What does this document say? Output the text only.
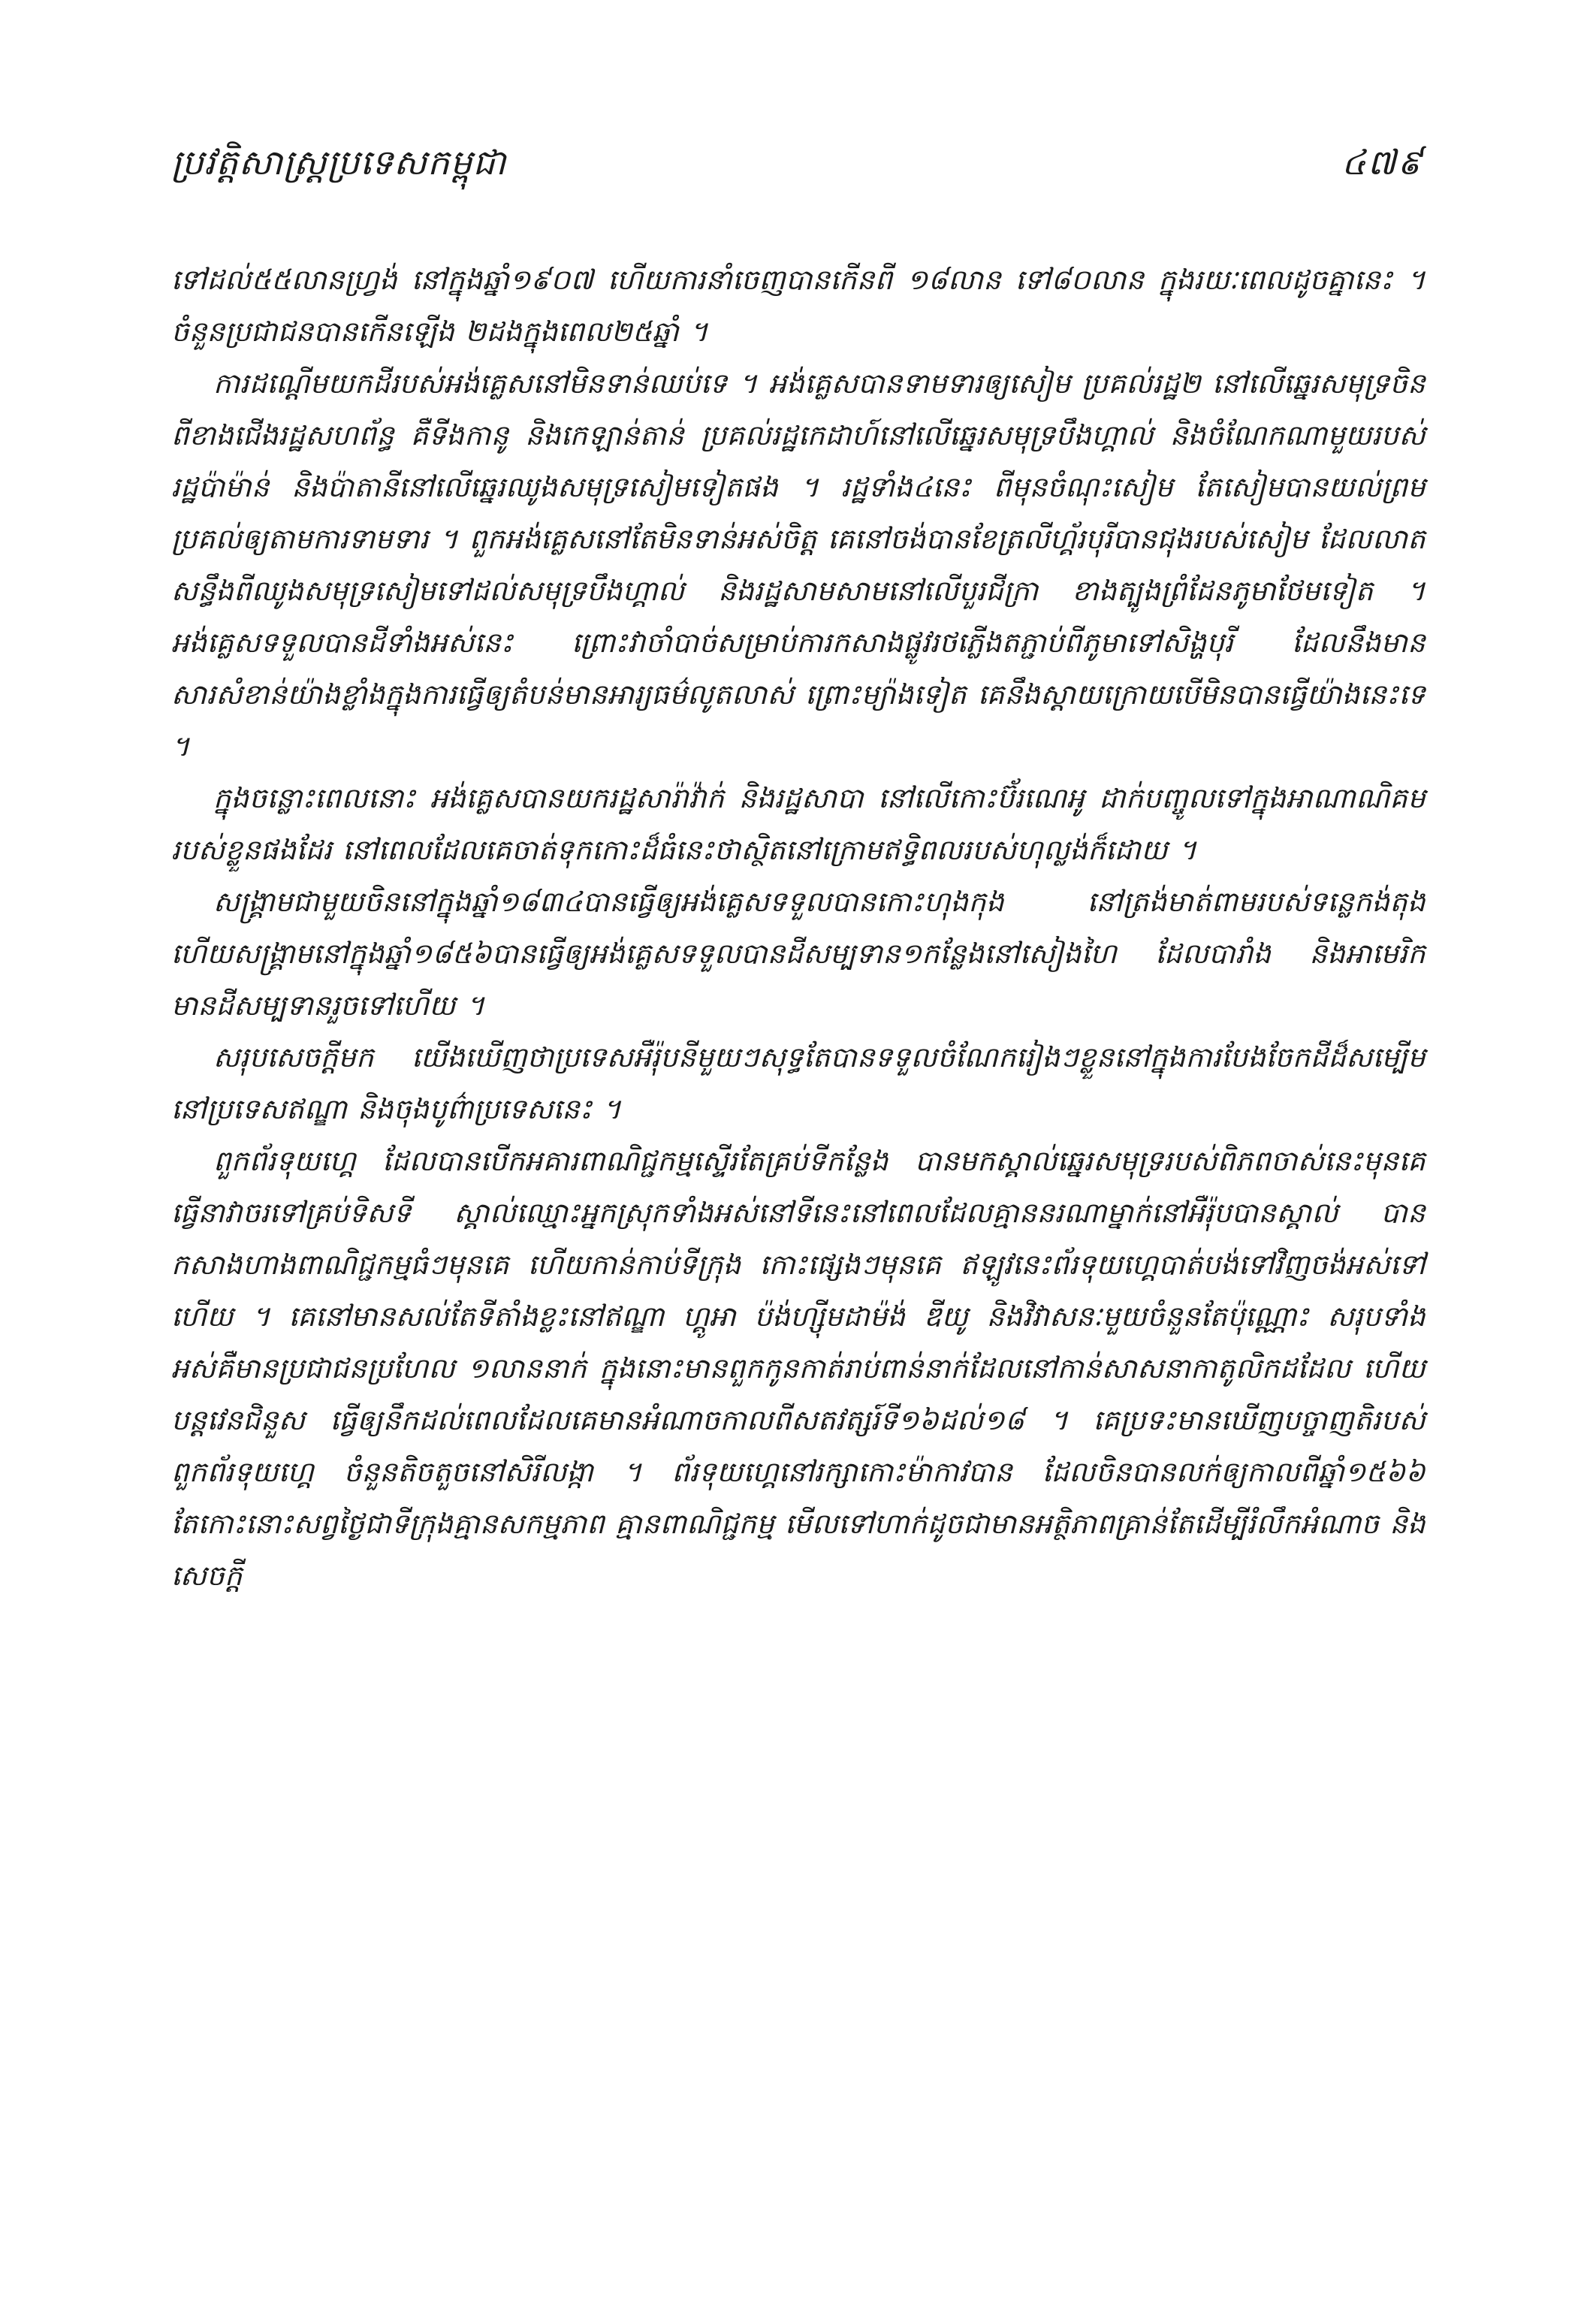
ប្រវត្តិសាស្ត្រប្រទេសកម្ពុជា	៤៧៩

ទៅដល់៥៥លានហ្វ្រង់ នៅក្នុងឆ្នាំ១៩០៧ ហើយការនាំចេញបានកើនពី ១៨លាន ទៅ៨០លាន ក្នុងរយៈពេលដូចគ្នានេះ ។ ចំនួនប្រជាជនបានកើនឡើង ២ដងក្នុងពេល២៥ឆ្នាំ ។

ការដណ្តើមយកដីរបស់អង់គ្លេសនៅមិនទាន់ឈប់ទេ ។ អង់គ្លេសបានទាមទារឲ្យសៀម ប្រគល់រដ្ឋ២ នៅលើឆ្នេរសមុទ្រចិន ពីខាងជើងរដ្ឋសហព័ន្ធ គឺទីងកានូ និងកេឡាន់តាន់ ប្រគល់រដ្ឋកេដាហ៍នៅលើឆ្នេរសមុទ្របឹងហ្គាល់ និងចំណែកណាមួយរបស់រដ្ឋប៉ាម៉ាន់ និងប៉ាតានីនៅលើឆ្នេរឈូងសមុទ្រសៀមទៀតផង ។ រដ្ឋទាំង៤នេះ ពីមុនចំណុះសៀម តែសៀមបានយល់ព្រមប្រគល់ឲ្យតាមការទាមទារ ។ ពួកអង់គ្លេសនៅតែមិនទាន់អស់ចិត្ត គេនៅចង់បានខែត្រលីហ្គ័របុរីបានជុងរបស់សៀម ដែលលាតសន្ធឹងពីឈូងសមុទ្រសៀមទៅដល់សមុទ្របឹងហ្គាល់ និងរដ្ឋសាមសាមនៅលើបួរជីក្រា ខាងត្បូងព្រំដែនភូមាថែមទៀត ។ អង់គ្លេសទទួលបានដីទាំងអស់នេះ ព្រោះវាចាំបាច់សម្រាប់ការកសាងផ្លូវរថភ្លើងតភ្ជាប់ពីភូមាទៅសិង្ហបុរី ដែលនឹងមានសារសំខាន់យ៉ាងខ្លាំងក្នុងការធ្វើឲ្យតំបន់មានអារ្យធម៌លូតលាស់ ព្រោះម្យ៉ាងទៀត គេនឹងស្តាយក្រោយបើមិនបានធ្វើយ៉ាងនេះទេ ។

ក្នុងចន្លោះពេលនោះ អង់គ្លេសបានយករដ្ឋសារ៉ាវ៉ាក់ និងរដ្ឋសាបា នៅលើកោះប៊័រណេអូ ដាក់បញ្ចូលទៅក្នុងអាណាណិគមរបស់ខ្លួនផងដែរ នៅពេលដែលគេចាត់ទុកកោះដ៏ធំនេះថាស្ថិតនៅក្រោមឥទ្ធិពលរបស់ហុល្លង់ក៏ដោយ ។

សង្គ្រាមជាមួយចិននៅក្នុងឆ្នាំ១៨៣៤បានធ្វើឲ្យអង់គ្លេសទទួលបានកោះហុងកុង នៅត្រង់មាត់ពាមរបស់ទន្លេកង់តុង ហើយសង្គ្រាមនៅក្នុងឆ្នាំ១៨៥៦បានធ្វើឲ្យអង់គ្លេសទទួលបានដីសម្បទាន១កន្លែងនៅសៀងហៃ ដែលបារាំង និងអាមេរិកមានដីសម្បទានរួចទៅហើយ ។

សរុបសេចក្តីមក យើងឃើញថាប្រទេសអឺរ៉ុបនីមួយៗសុទ្ធតែបានទទួលចំណែករៀងៗខ្លួននៅក្នុងការបែងចែកដីដ៏សម្បើមនៅប្រទេសឥណ្ឌា និងចុងបូព៌ាប្រទេសនេះ ។

ពួកព័រទុយហ្គេ ដែលបានបើកអគារពាណិជ្ជកម្មស្ទើរតែគ្រប់ទីកន្លែង បានមកស្គាល់ឆ្នេរសមុទ្ររបស់ពិភពចាស់នេះមុនគេ ធ្វើនាវាចរទៅគ្រប់ទិសទី ស្គាល់ឈ្មោះអ្នកស្រុកទាំងអស់នៅទីនេះនៅពេលដែលគ្មាននរណាម្នាក់នៅអឺរ៉ុបបានស្គាល់ បានកសាងហាងពាណិជ្ជកម្មធំៗមុនគេ ហើយកាន់កាប់ទីក្រុង កោះផ្សេងៗមុនគេ ឥឡូវនេះព័រទុយហ្គេបាត់បង់ទៅវិញចង់អស់ទៅហើយ ។ គេនៅមានសល់តែទីតាំងខ្លះនៅឥណ្ឌា ហ្គូអា ប៉ង់ហ្ស៊ីមដាម៉ង់ ឌីយូ និងវិវាសនៈមួយចំនួនតែប៉ុណ្ណោះ សរុបទាំងអស់គឺមានប្រជាជនប្រហែល ១លាននាក់ ក្នុងនោះមានពួកកូនកាត់រាប់ពាន់នាក់ដែលនៅកាន់សាសនាកាតូលិកដដែល ហើយបន្តវេនជិនួស ធ្វើឲ្យនឹកដល់ពេលដែលគេមានអំណាចកាលពីសតវត្សរ៍ទី១៦ដល់១៨ ។ គេប្រទះមានឃើញបច្ចាញតិរបស់ពួកព័រទុយហ្គេ ចំនួនតិចតួចនៅសិរីលង្កា ។ ព័រទុយហ្គេនៅរក្សាកោះម៉ាកាវបាន ដែលចិនបានលក់ឲ្យកាលពីឆ្នាំ១៥៦៦ តែកោះនោះសព្វថ្ងៃជាទីក្រុងគ្មានសកម្មភាព គ្មានពាណិជ្ជកម្ម មើលទៅហាក់ដូចជាមានអត្ថិភាពគ្រាន់តែដើម្បីរំលឹកអំណាច និងសេចក្តី
